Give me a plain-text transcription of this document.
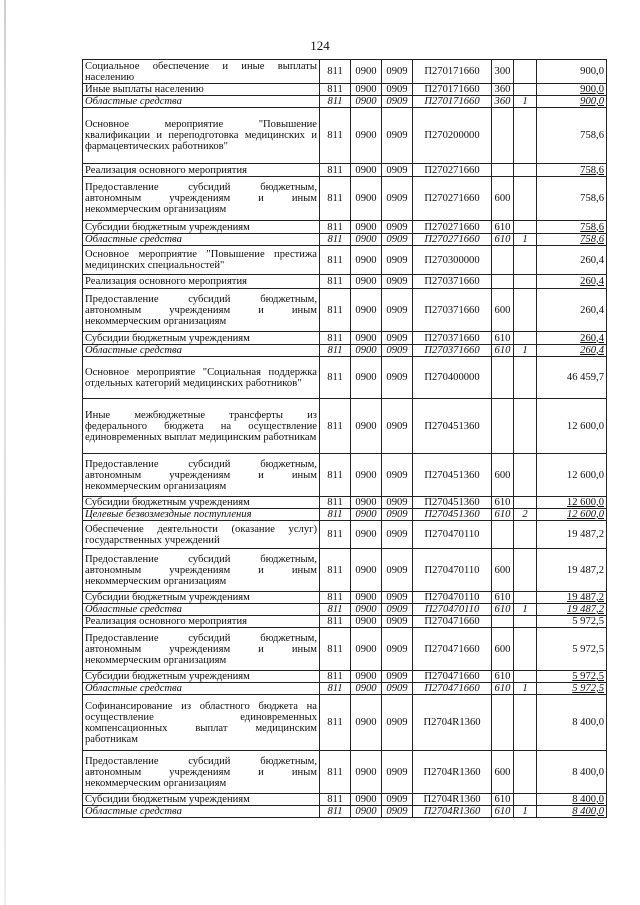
124
Социальное обеспечение и иные выплаты населению	811	0900	0909	П270171660	300		900,0
Иные выплаты населению	811	0900	0909	П270171660	360		900,0
Областные средства	811	0900	0909	П270171660	360	1	900,0
Основное мероприятие "Повышение квалификации и переподготовка медицинских и фармацевтических работников"	811	0900	0909	П270200000			758,6
Реализация основного мероприятия	811	0900	0909	П270271660			758,6
Предоставление субсидий бюджетным, автономным учреждениям и иным некоммерческим организациям	811	0900	0909	П270271660	600		758,6
Субсидии бюджетным учреждениям	811	0900	0909	П270271660	610		758,6
Областные средства	811	0900	0909	П270271660	610	1	758,6
Основное мероприятие "Повышение престижа медицинских специальностей"	811	0900	0909	П270300000			260,4
Реализация основного мероприятия	811	0900	0909	П270371660			260,4
Предоставление субсидий бюджетным, автономным учреждениям и иным некоммерческим организациям	811	0900	0909	П270371660	600		260,4
Субсидии бюджетным учреждениям	811	0900	0909	П270371660	610		260,4
Областные средства	811	0900	0909	П270371660	610	1	260,4
Основное мероприятие "Социальная поддержка отдельных категорий медицинских работников"	811	0900	0909	П270400000			46 459,7
Иные межбюджетные трансферты из федерального бюджета на осуществление единовременных выплат медицинским работникам	811	0900	0909	П270451360			12 600,0
Предоставление субсидий бюджетным, автономным учреждениям и иным некоммерческим организациям	811	0900	0909	П270451360	600		12 600,0
Субсидии бюджетным учреждениям	811	0900	0909	П270451360	610		12 600,0
Целевые безвозмездные поступления	811	0900	0909	П270451360	610	2	12 600,0
Обеспечение деятельности (оказание услуг) государственных учреждений	811	0900	0909	П270470110			19 487,2
Предоставление субсидий бюджетным, автономным учреждениям и иным некоммерческим организациям	811	0900	0909	П270470110	600		19 487,2
Субсидии бюджетным учреждениям	811	0900	0909	П270470110	610		19 487,2
Областные средства	811	0900	0909	П270470110	610	1	19 487,2
Реализация основного мероприятия	811	0900	0909	П270471660			5 972,5
Предоставление субсидий бюджетным, автономным учреждениям и иным некоммерческим организациям	811	0900	0909	П270471660	600		5 972,5
Субсидии бюджетным учреждениям	811	0900	0909	П270471660	610		5 972,5
Областные средства	811	0900	0909	П270471660	610	1	5 972,5
Софинансирование из областного бюджета на осуществление единовременных компенсационных выплат медицинским работникам	811	0900	0909	П2704R1360			8 400,0
Предоставление субсидий бюджетным, автономным учреждениям и иным некоммерческим организациям	811	0900	0909	П2704R1360	600		8 400,0
Субсидии бюджетным учреждениям	811	0900	0909	П2704R1360	610		8 400,0
Областные средства	811	0900	0909	П2704R1360	610	1	8 400,0
